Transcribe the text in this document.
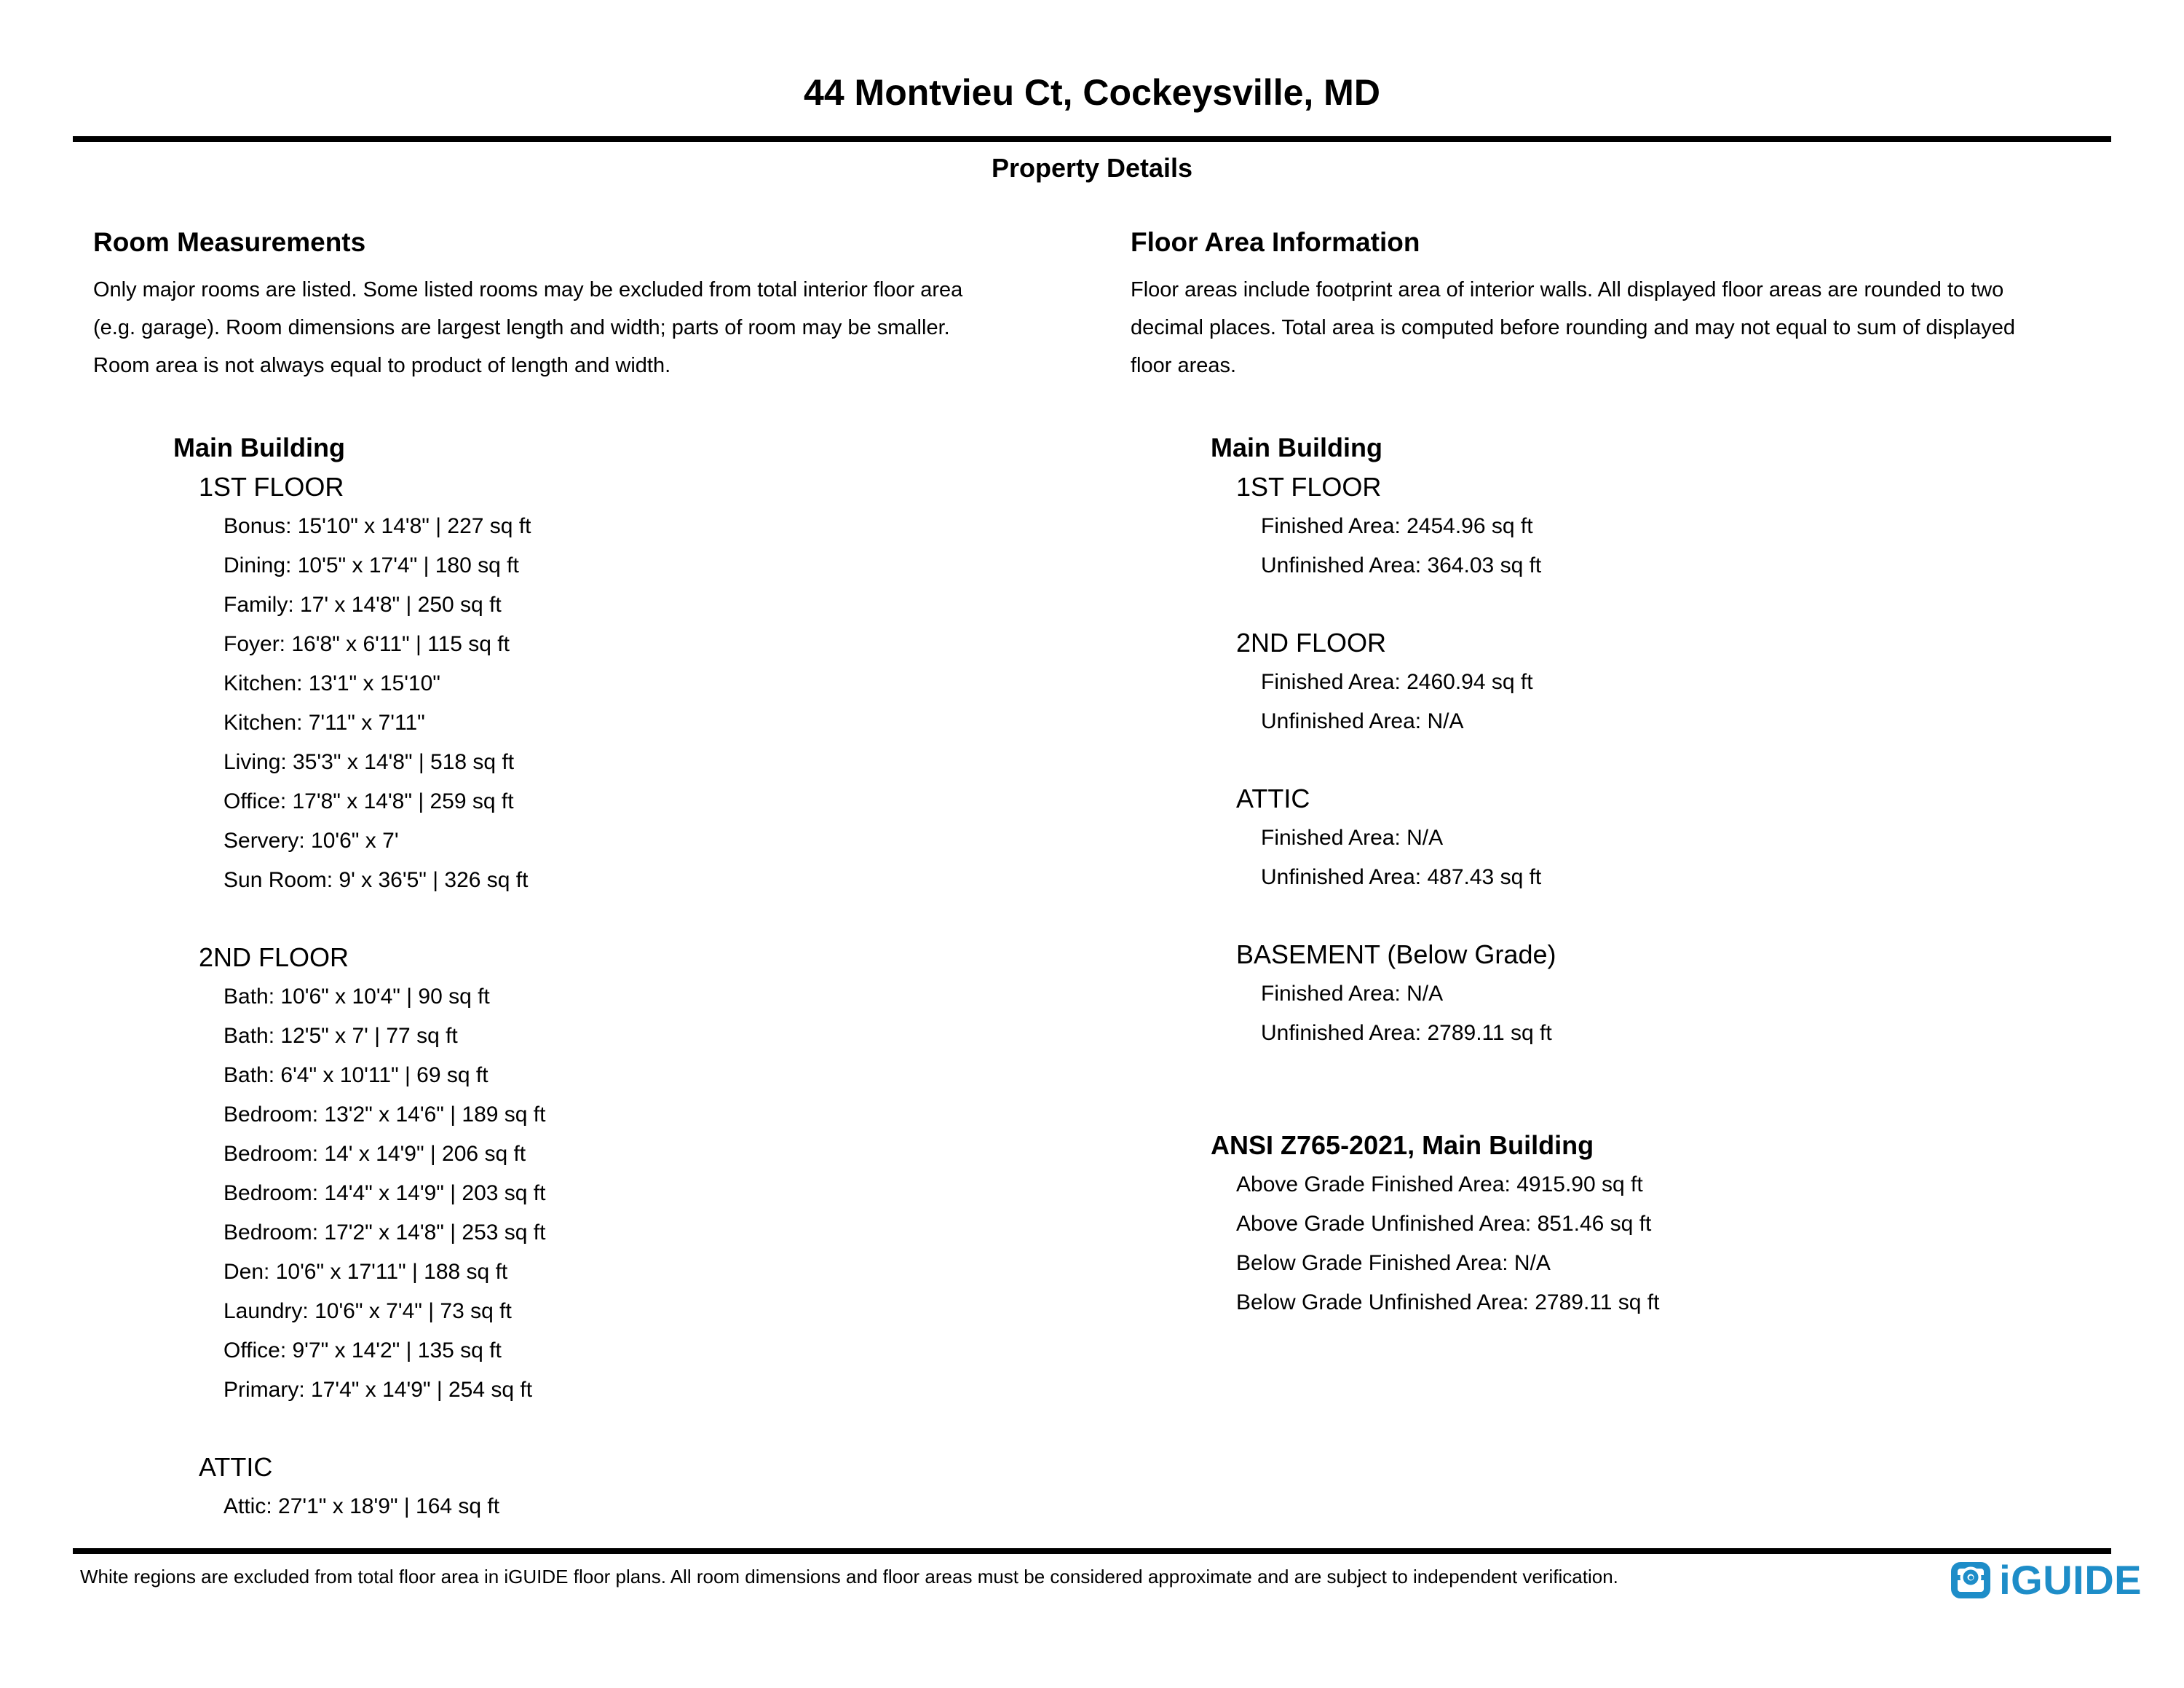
44 Montvieu Ct, Cockeysville, MD
Property Details
Room Measurements
Only major rooms are listed. Some listed rooms may be excluded from total interior floor area
(e.g. garage). Room dimensions are largest length and width; parts of room may be smaller.
Room area is not always equal to product of length and width.
Main Building
1ST FLOOR
Bonus: 15'10" x 14'8" | 227 sq ft
Dining: 10'5" x 17'4" | 180 sq ft
Family: 17' x 14'8" | 250 sq ft
Foyer: 16'8" x 6'11" | 115 sq ft
Kitchen: 13'1" x 15'10"
Kitchen: 7'11" x 7'11"
Living: 35'3" x 14'8" | 518 sq ft
Office: 17'8" x 14'8" | 259 sq ft
Servery: 10'6" x 7'
Sun Room: 9' x 36'5" | 326 sq ft
2ND FLOOR
Bath: 10'6" x 10'4" | 90 sq ft
Bath: 12'5" x 7' | 77 sq ft
Bath: 6'4" x 10'11" | 69 sq ft
Bedroom: 13'2" x 14'6" | 189 sq ft
Bedroom: 14' x 14'9" | 206 sq ft
Bedroom: 14'4" x 14'9" | 203 sq ft
Bedroom: 17'2" x 14'8" | 253 sq ft
Den: 10'6" x 17'11" | 188 sq ft
Laundry: 10'6" x 7'4" | 73 sq ft
Office: 9'7" x 14'2" | 135 sq ft
Primary: 17'4" x 14'9" | 254 sq ft
ATTIC
Attic: 27'1" x 18'9" | 164 sq ft
Floor Area Information
Floor areas include footprint area of interior walls. All displayed floor areas are rounded to two
decimal places. Total area is computed before rounding and may not equal to sum of displayed
floor areas.
Main Building
1ST FLOOR
Finished Area: 2454.96 sq ft
Unfinished Area: 364.03 sq ft
2ND FLOOR
Finished Area: 2460.94 sq ft
Unfinished Area: N/A
ATTIC
Finished Area: N/A
Unfinished Area: 487.43 sq ft
BASEMENT (Below Grade)
Finished Area: N/A
Unfinished Area: 2789.11 sq ft
ANSI Z765-2021, Main Building
Above Grade Finished Area: 4915.90 sq ft
Above Grade Unfinished Area: 851.46 sq ft
Below Grade Finished Area: N/A
Below Grade Unfinished Area: 2789.11 sq ft
White regions are excluded from total floor area in iGUIDE floor plans. All room dimensions and floor areas must be considered approximate and are subject to independent verification.	iGUIDE
